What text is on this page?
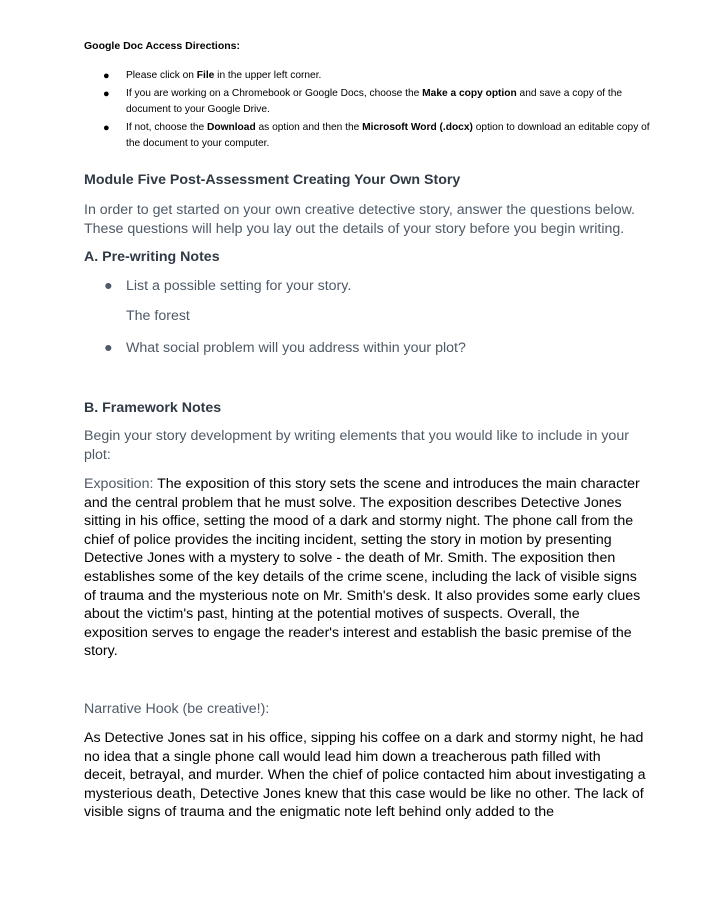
Google Doc Access Directions:
● Please click on File in the upper left corner.
● If you are working on a Chromebook or Google Docs, choose the Make a copy option and save a copy of the document to your Google Drive.
● If not, choose the Download as option and then the Microsoft Word (.docx) option to download an editable copy of the document to your computer.
Module Five Post-Assessment Creating Your Own Story
In order to get started on your own creative detective story, answer the questions below. These questions will help you lay out the details of your story before you begin writing.
A. Pre-writing Notes
● List a possible setting for your story.
The forest
● What social problem will you address within your plot?
B. Framework Notes
Begin your story development by writing elements that you would like to include in your plot:
Exposition: The exposition of this story sets the scene and introduces the main character and the central problem that he must solve. The exposition describes Detective Jones sitting in his office, setting the mood of a dark and stormy night. The phone call from the chief of police provides the inciting incident, setting the story in motion by presenting Detective Jones with a mystery to solve - the death of Mr. Smith. The exposition then establishes some of the key details of the crime scene, including the lack of visible signs of trauma and the mysterious note on Mr. Smith's desk. It also provides some early clues about the victim's past, hinting at the potential motives of suspects. Overall, the exposition serves to engage the reader's interest and establish the basic premise of the story.
Narrative Hook (be creative!):
As Detective Jones sat in his office, sipping his coffee on a dark and stormy night, he had no idea that a single phone call would lead him down a treacherous path filled with deceit, betrayal, and murder. When the chief of police contacted him about investigating a mysterious death, Detective Jones knew that this case would be like no other. The lack of visible signs of trauma and the enigmatic note left behind only added to the
